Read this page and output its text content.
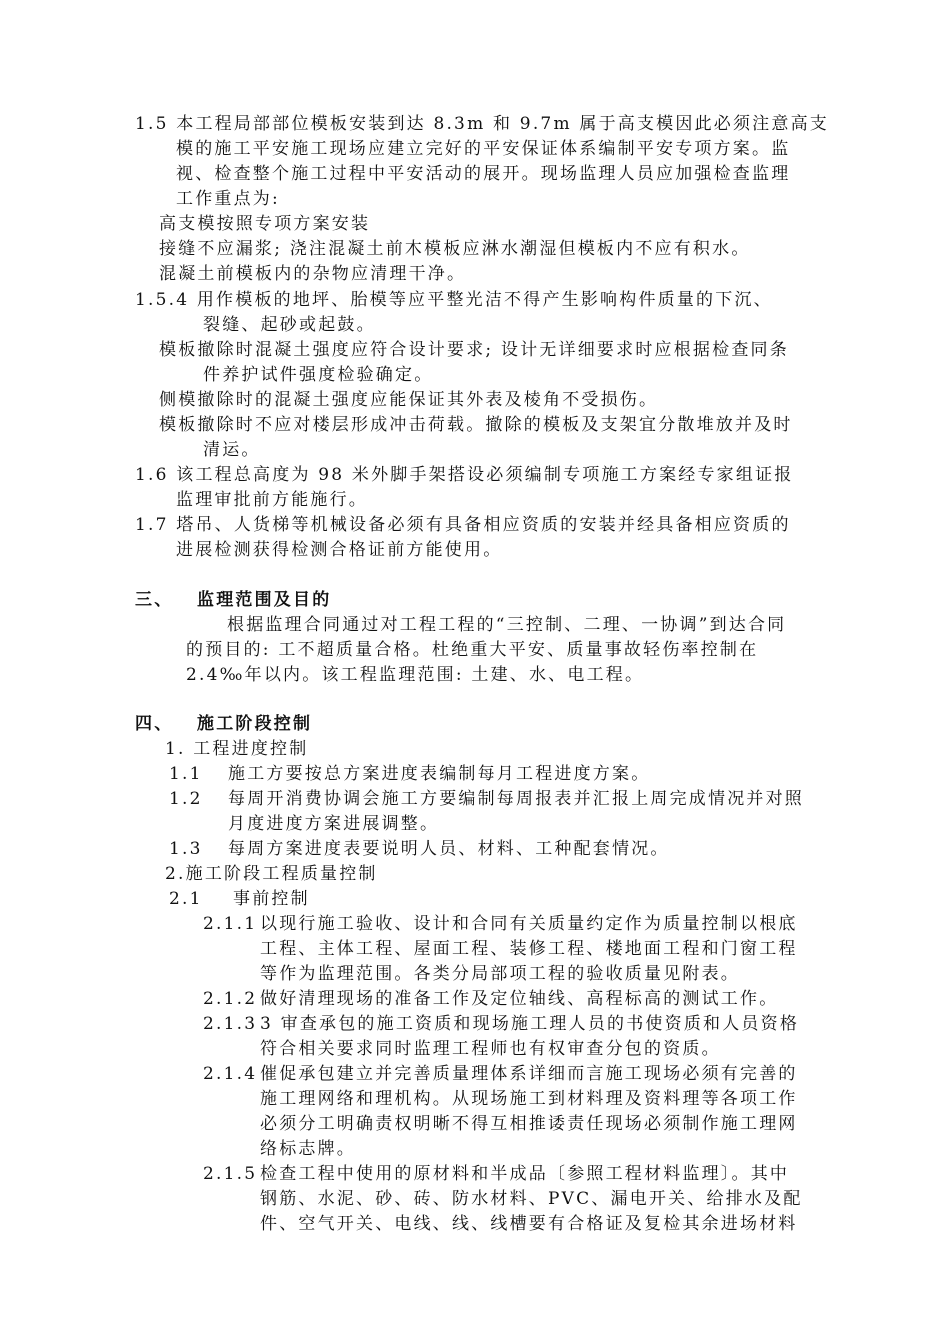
1.5 本工程局部部位模板安装到达 8.3m 和 9.7m 属于高支模因此必须注意高支
模的施工平安施工现场应建立完好的平安保证体系编制平安专项方案。监
视、检查整个施工过程中平安活动的展开。现场监理人员应加强检查监理
工作重点为:
高支模按照专项方案安装
接缝不应漏浆; 浇注混凝土前木模板应淋水潮湿但模板内不应有积水。
混凝土前模板内的杂物应清理干净。
1.5.4 用作模板的地坪、胎模等应平整光洁不得产生影响构件质量的下沉、
裂缝、起砂或起鼓。
模板撤除时混凝土强度应符合设计要求; 设计无详细要求时应根据检查同条
件养护试件强度检验确定。
侧模撤除时的混凝土强度应能保证其外表及棱角不受损伤。
模板撤除时不应对楼层形成冲击荷载。撤除的模板及支架宜分散堆放并及时
清运。
1.6 该工程总高度为 98 米外脚手架搭设必须编制专项施工方案经专家组证报
监理审批前方能施行。
1.7 塔吊、人货梯等机械设备必须有具备相应资质的安装并经具备相应资质的
进展检测获得检测合格证前方能使用。
三、 监理范围及目的
根据监理合同通过对工程工程的“三控制、二理、一协调”到达合同
的预目的: 工不超质量合格。杜绝重大平安、质量事故轻伤率控制在
2.4‰年以内。该工程监理范围: 土建、水、电工程。
四、 施工阶段控制
1. 工程进度控制
1.1 施工方要按总方案进度表编制每月工程进度方案。
1.2 每周开消费协调会施工方要编制每周报表并汇报上周完成情况并对照
月度进度方案进展调整。
1.3 每周方案进度表要说明人员、材料、工种配套情况。
2.施工阶段工程质量控制
2.1 事前控制
2.1.1 以现行施工验收、设计和合同有关质量约定作为质量控制以根底
工程、主体工程、屋面工程、装修工程、楼地面工程和门窗工程
等作为监理范围。各类分局部项工程的验收质量见附表。
2.1.2 做好清理现场的准备工作及定位轴线、高程标高的测试工作。
2.1.3 3 审查承包的施工资质和现场施工理人员的书使资质和人员资格
符合相关要求同时监理工程师也有权审查分包的资质。
2.1.4 催促承包建立并完善质量理体系详细而言施工现场必须有完善的
施工理网络和理机构。从现场施工到材料理及资料理等各项工作
必须分工明确责权明晰不得互相推诿责任现场必须制作施工理网
络标志牌。
2.1.5 检查工程中使用的原材料和半成品〔参照工程材料监理〕。其中
钢筋、水泥、砂、砖、防水材料、PVC、漏电开关、给排水及配
件、空气开关、电线、线、线槽要有合格证及复检其余进场材料
